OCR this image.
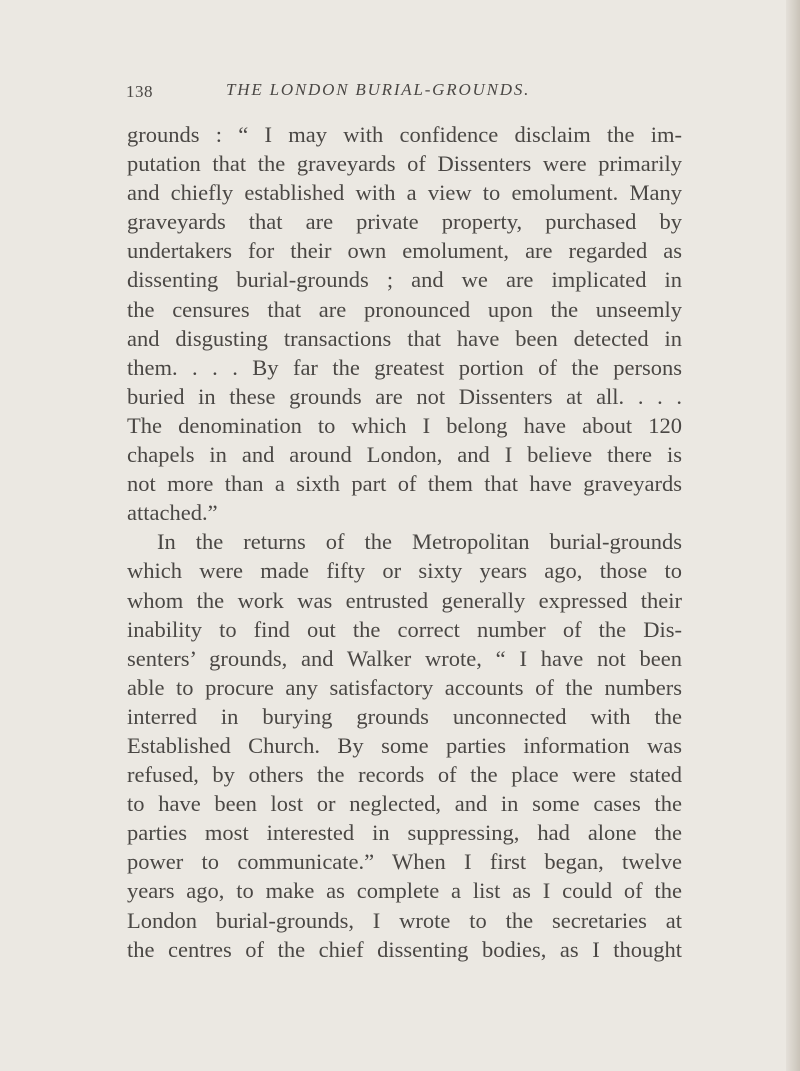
138	THE LONDON BURIAL-GROUNDS.
grounds : “ I may with confidence disclaim the im-
putation that the graveyards of Dissenters were primarily
and chiefly established with a view to emolument. Many
graveyards that are private property, purchased by
undertakers for their own emolument, are regarded as
dissenting burial-grounds ; and we are implicated in
the censures that are pronounced upon the unseemly
and disgusting transactions that have been detected in
them. . . . By far the greatest portion of the persons
buried in these grounds are not Dissenters at all. . . .
The denomination to which I belong have about 120
chapels in and around London, and I believe there is
not more than a sixth part of them that have graveyards
attached.”
In the returns of the Metropolitan burial-grounds
which were made fifty or sixty years ago, those to
whom the work was entrusted generally expressed their
inability to find out the correct number of the Dis-
senters’ grounds, and Walker wrote, “ I have not been
able to procure any satisfactory accounts of the numbers
interred in burying grounds unconnected with the
Established Church. By some parties information was
refused, by others the records of the place were stated
to have been lost or neglected, and in some cases the
parties most interested in suppressing, had alone the
power to communicate.” When I first began, twelve
years ago, to make as complete a list as I could of the
London burial-grounds, I wrote to the secretaries at
the centres of the chief dissenting bodies, as I thought
